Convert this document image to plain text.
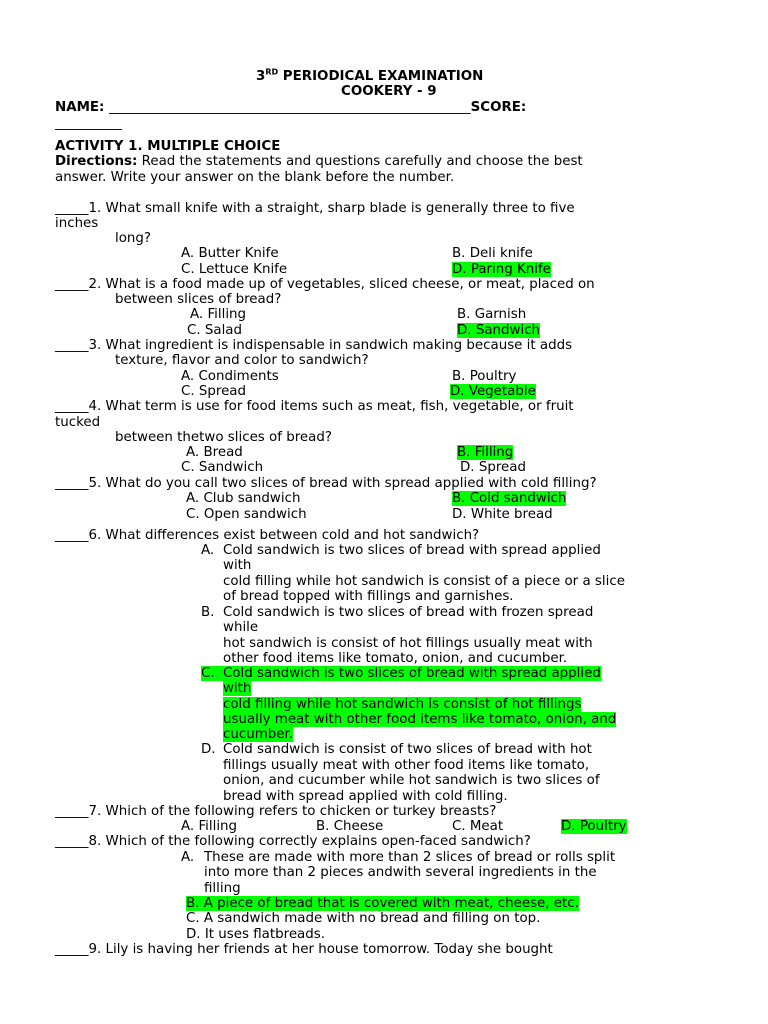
3RD PERIODICAL EXAMINATION
COOKERY - 9
NAME: ______________________________________________________SCORE:
__________
ACTIVITY 1. MULTIPLE CHOICE
Directions: Read the statements and questions carefully and choose the best
answer. Write your answer on the blank before the number.
_____1. What small knife with a straight, sharp blade is generally three to five
inches
long?
A. Butter Knife	B. Deli knife
C. Lettuce Knife	D. Paring Knife
_____2. What is a food made up of vegetables, sliced cheese, or meat, placed on
between slices of bread?
A. Filling	B. Garnish
C. Salad	D. Sandwich
_____3. What ingredient is indispensable in sandwich making because it adds
texture, flavor and color to sandwich?
A. Condiments	B. Poultry
C. Spread	D. Vegetable
_____4. What term is use for food items such as meat, fish, vegetable, or fruit
tucked
between thetwo slices of bread?
A. Bread	B. Filling
C. Sandwich	D. Spread
_____5. What do you call two slices of bread with spread applied with cold filling?
A. Club sandwich	B. Cold sandwich
C. Open sandwich	D. White bread
_____6. What differences exist between cold and hot sandwich?
A. Cold sandwich is two slices of bread with spread applied
with
cold filling while hot sandwich is consist of a piece or a slice
of bread topped with fillings and garnishes.
B. Cold sandwich is two slices of bread with frozen spread
while
hot sandwich is consist of hot fillings usually meat with
other food items like tomato, onion, and cucumber.
C. Cold sandwich is two slices of bread with spread applied
with
cold filling while hot sandwich is consist of hot fillings
usually meat with other food items like tomato, onion, and
cucumber.
D. Cold sandwich is consist of two slices of bread with hot
fillings usually meat with other food items like tomato,
onion, and cucumber while hot sandwich is two slices of
bread with spread applied with cold filling.
_____7. Which of the following refers to chicken or turkey breasts?
A. Filling	B. Cheese	C. Meat	D. Poultry
_____8. Which of the following correctly explains open-faced sandwich?
A. These are made with more than 2 slices of bread or rolls split
into more than 2 pieces andwith several ingredients in the
filling
B. A piece of bread that is covered with meat, cheese, etc.
C. A sandwich made with no bread and filling on top.
D. It uses flatbreads.
_____9. Lily is having her friends at her house tomorrow. Today she bought
